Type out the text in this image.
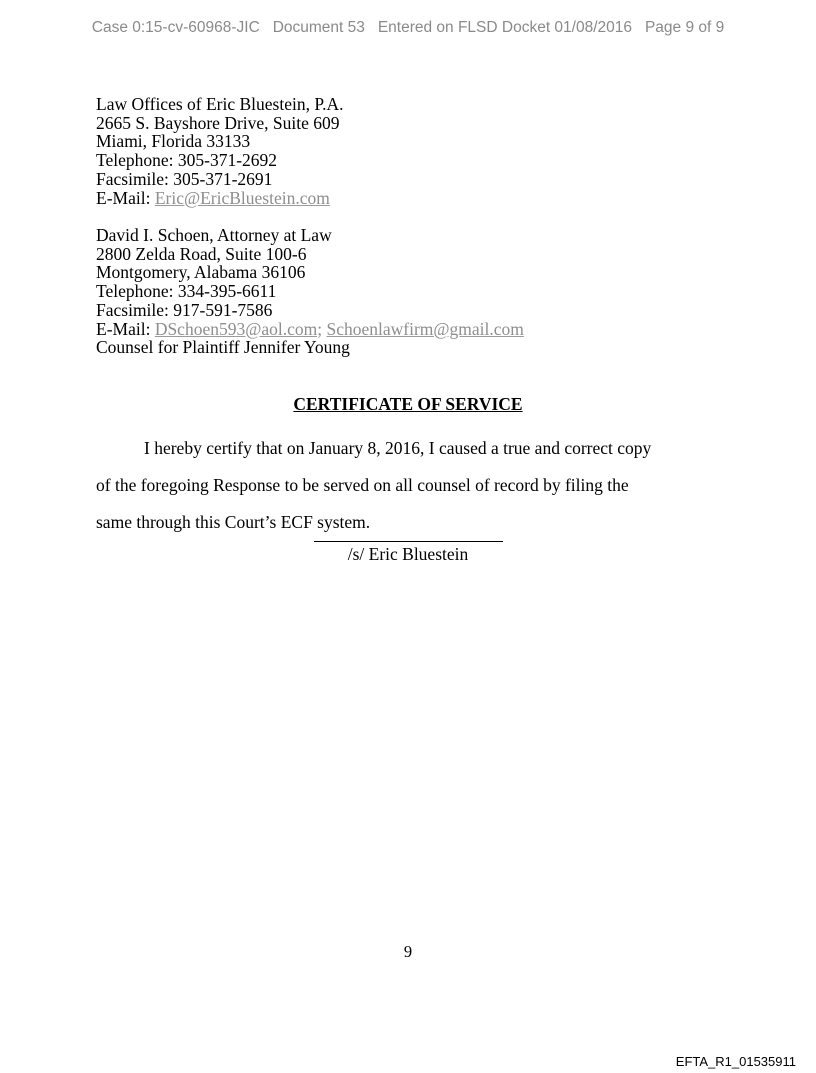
Case 0:15-cv-60968-JIC Document 53 Entered on FLSD Docket 01/08/2016 Page 9 of 9
Law Offices of Eric Bluestein, P.A.
2665 S. Bayshore Drive, Suite 609
Miami, Florida 33133
Telephone: 305-371-2692
Facsimile: 305-371-2691
E-Mail: Eric@EricBluestein.com
David I. Schoen, Attorney at Law
2800 Zelda Road, Suite 100-6
Montgomery, Alabama 36106
Telephone: 334-395-6611
Facsimile: 917-591-7586
E-Mail: DSchoen593@aol.com; Schoenlawfirm@gmail.com
Counsel for Plaintiff Jennifer Young
CERTIFICATE OF SERVICE
I hereby certify that on January 8, 2016, I caused a true and correct copy
of the foregoing Response to be served on all counsel of record by filing the
same through this Court’s ECF system.
/s/ Eric Bluestein
9
EFTA_R1_01535911
